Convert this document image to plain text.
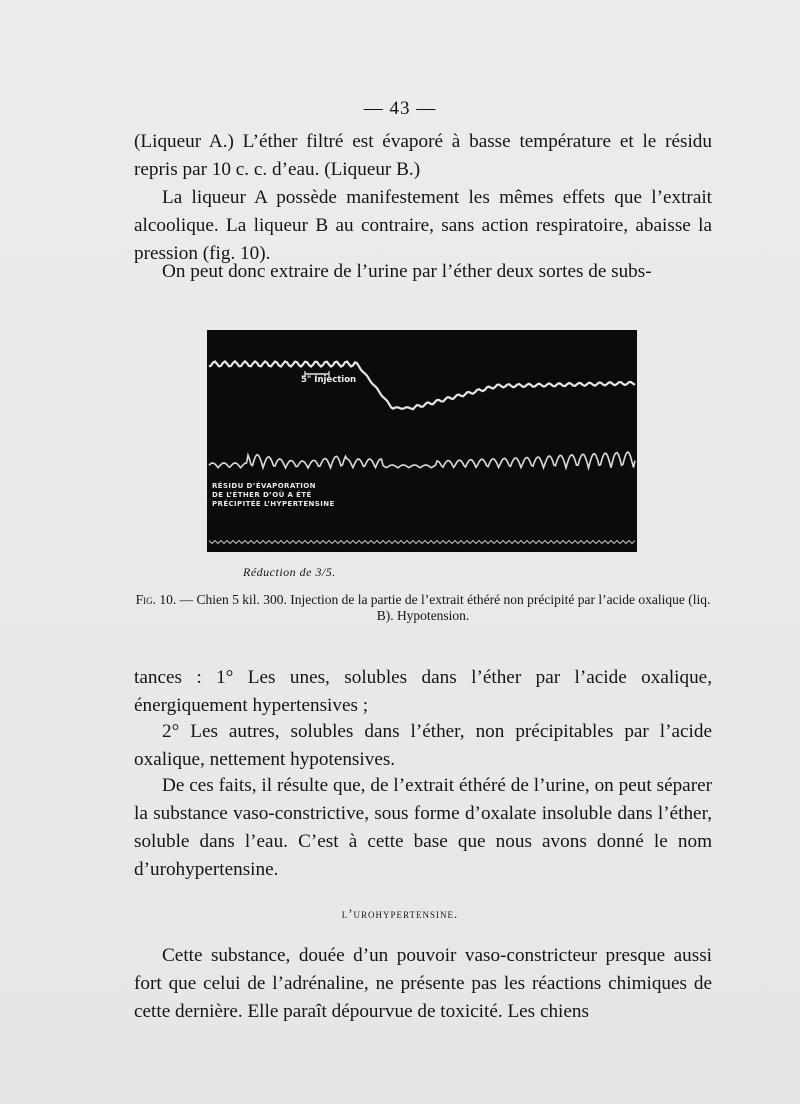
— 43 —

(Liqueur A.) L’éther filtré est évaporé à basse température et le résidu repris par 10 c. c. d’eau. (Liqueur B.)

La liqueur A possède manifestement les mêmes effets que l’extrait alcoolique. La liqueur B au contraire, sans action respiratoire, abaisse la pression (fig. 10).

On peut donc extraire de l’urine par l’éther deux sortes de subs-

5" Injection
RÉSIDU D’ÉVAPORATION
DE L’ÉTHER D’OÙ A ÉTÉ
PRÉCIPITÉE L’HYPERTENSINE
Réduction de 3/5.
Fig. 10. — Chien 5 kil. 300. Injection de la partie de l’extrait éthéré non précipité par l’acide oxalique (liq. B). Hypotension.

tances : 1° Les unes, solubles dans l’éther par l’acide oxalique, énergiquement hypertensives ;

2° Les autres, solubles dans l’éther, non précipitables par l’acide oxalique, nettement hypotensives.

De ces faits, il résulte que, de l’extrait éthéré de l’urine, on peut séparer la substance vaso-constrictive, sous forme d’oxalate insoluble dans l’éther, soluble dans l’eau. C’est à cette base que nous avons donné le nom d’urohypertensine.

l’urohypertensine.

Cette substance, douée d’un pouvoir vaso-constricteur presque aussi fort que celui de l’adrénaline, ne présente pas les réactions chimiques de cette dernière. Elle paraît dépourvue de toxicité. Les chiens
